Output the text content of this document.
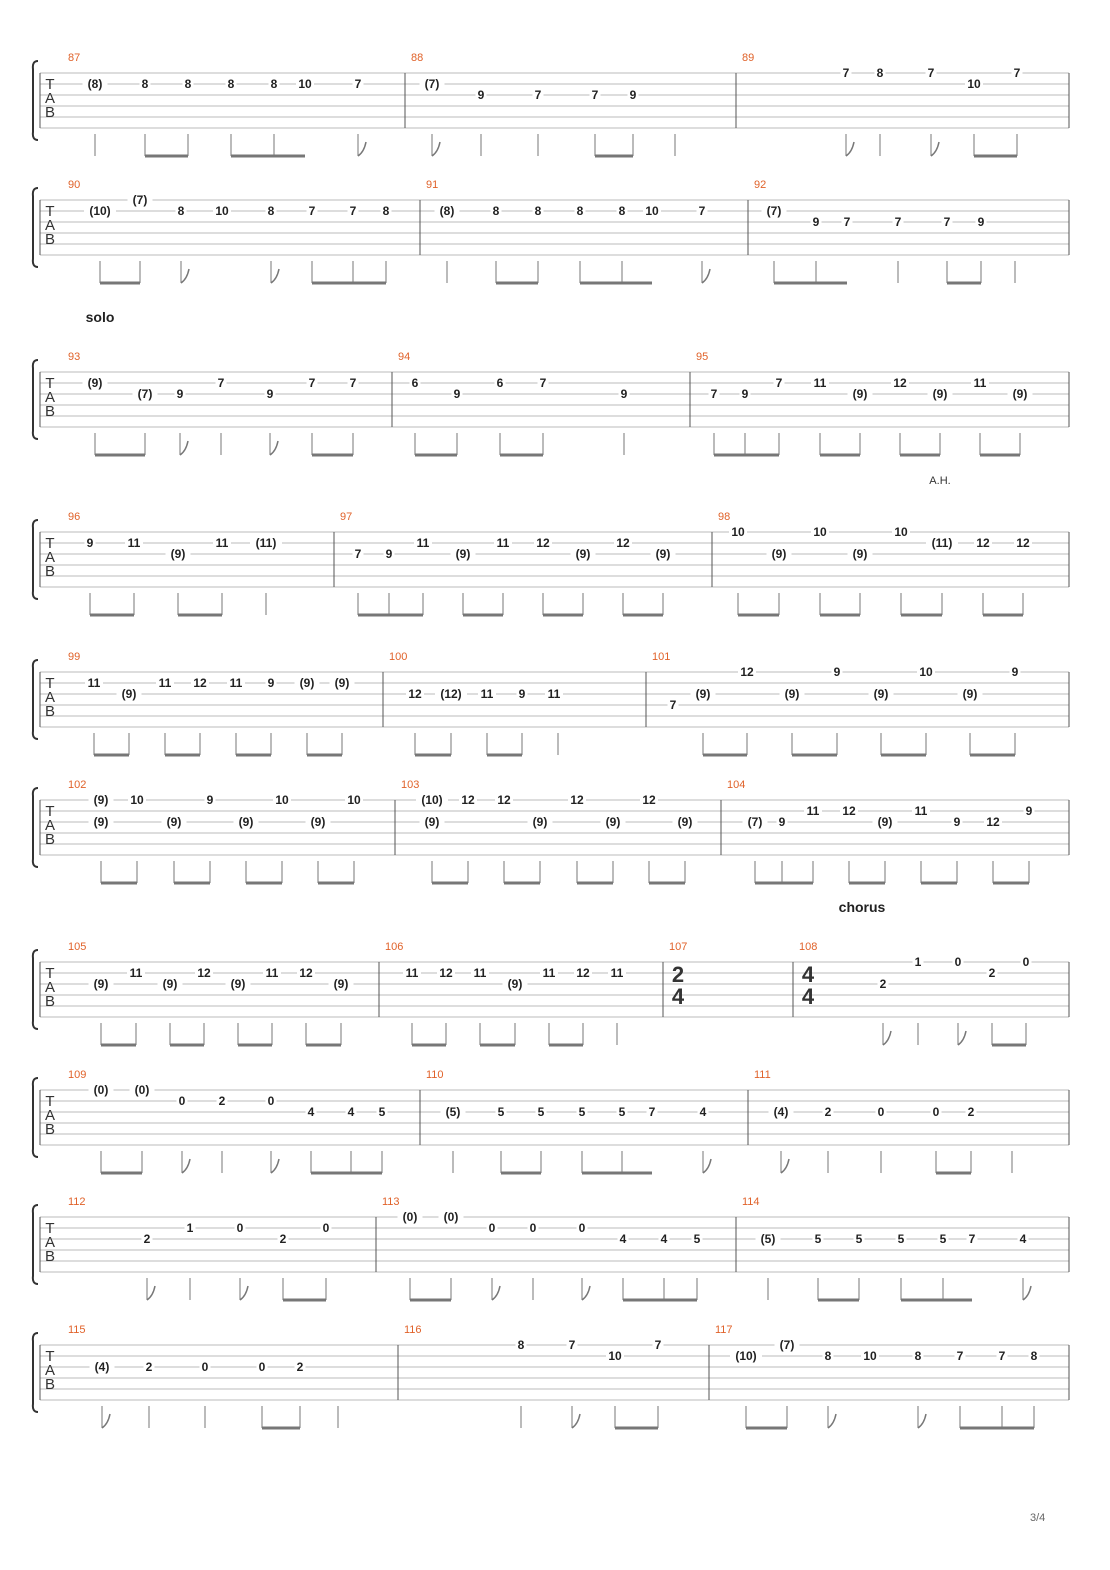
T
A
B
87
(8)	8	8	8	8 10	7
88
(7)
9	7	7	9
89
7 8	7
10
7
T
A
B
90
(10)
(7)
8	10	8	7	7 8
91
(8)	8	8	8	8 10	7
92
(7)
9 7	7	7 9
T
A
B
solo
93
(9)
(7) 9
7
9
7	7
94
6
9
6	7
9
95
7 9
7	11
(9)
12
(9)
11
(9)
T
A
B
A.H.
96
9	11
(9)
11 (11)
97
7 9
11
(9)
11 12
(9)
12
(9)
98
10
(9)
10
(9)
10
(11) 12 12
T
A
B
99
11
(9)
11 12 11 9 (9) (9)
100
12 (12) 11 9 11
101
7
(9)
12
(9)
9
(9)
10
(9)
9
T
A
B
102
(9)
(9)
10
(9)
9
(9)
10
(9)
10
103
(10)
(9)
12 12
(9)
12
(9)
12
(9)
104
(7) 9
11 12
(9)
11
9 12
9
T
A
B
chorus
105
(9)
11
(9)
12
(9)
11 12
(9)
106
11 12 11
(9)
11 12 11
107
2
4
108
4
4	2
1	0
2
0
T
A
B
109
(0) (0)
0	2	0
4	4 5
110
(5)	5	5	5	5 7	4
111
(4)	2	0	0 2
T
A
B
112
2
1	0
2
0
113
(0) (0)
0	0	0
4	4 5
114
(5)	5	5	5	5 7	4
T
A
B
115
(4)	2	0	0	2
116
8	7
10
7
117
(10)
(7)
8	10	8	7	7 8
3/4
